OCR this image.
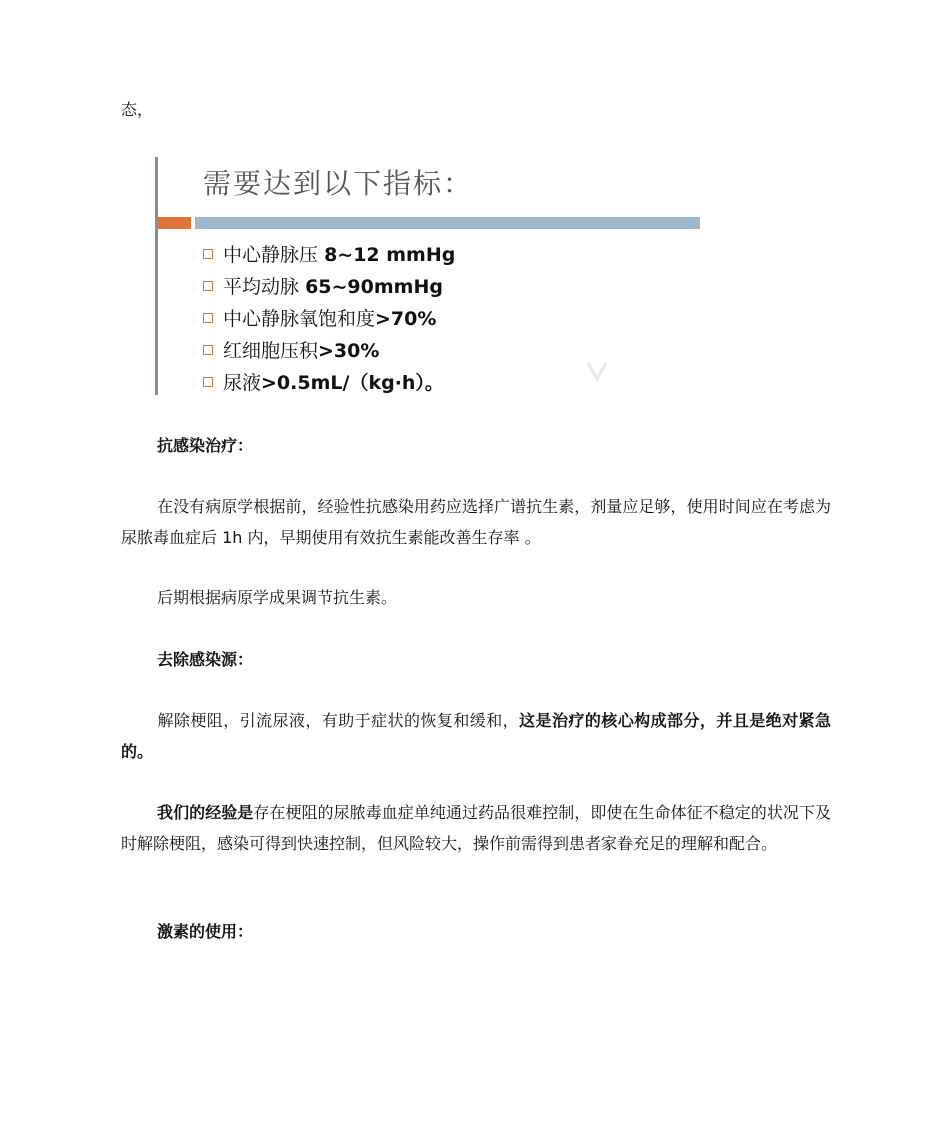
态，
需要达到以下指标：
中心静脉压 8~12 mmHg
平均动脉 65~90mmHg
中心静脉氧饱和度>70%
红细胞压积>30%
尿液>0.5mL/（kg·h）。
抗感染治疗：
在没有病原学根据前，经验性抗感染用药应选择广谱抗生素，剂量应足够，使用时间应在考虑为尿脓毒血症后 1h 内，早期使用有效抗生素能改善生存率 。
后期根据病原学成果调节抗生素。
去除感染源：
解除梗阻，引流尿液，有助于症状的恢复和缓和，这是治疗的核心构成部分，并且是绝对紧急的。
我们的经验是存在梗阻的尿脓毒血症单纯通过药品很难控制，即使在生命体征不稳定的状况下及时解除梗阻，感染可得到快速控制，但风险较大，操作前需得到患者家眷充足的理解和配合。
激素的使用：
